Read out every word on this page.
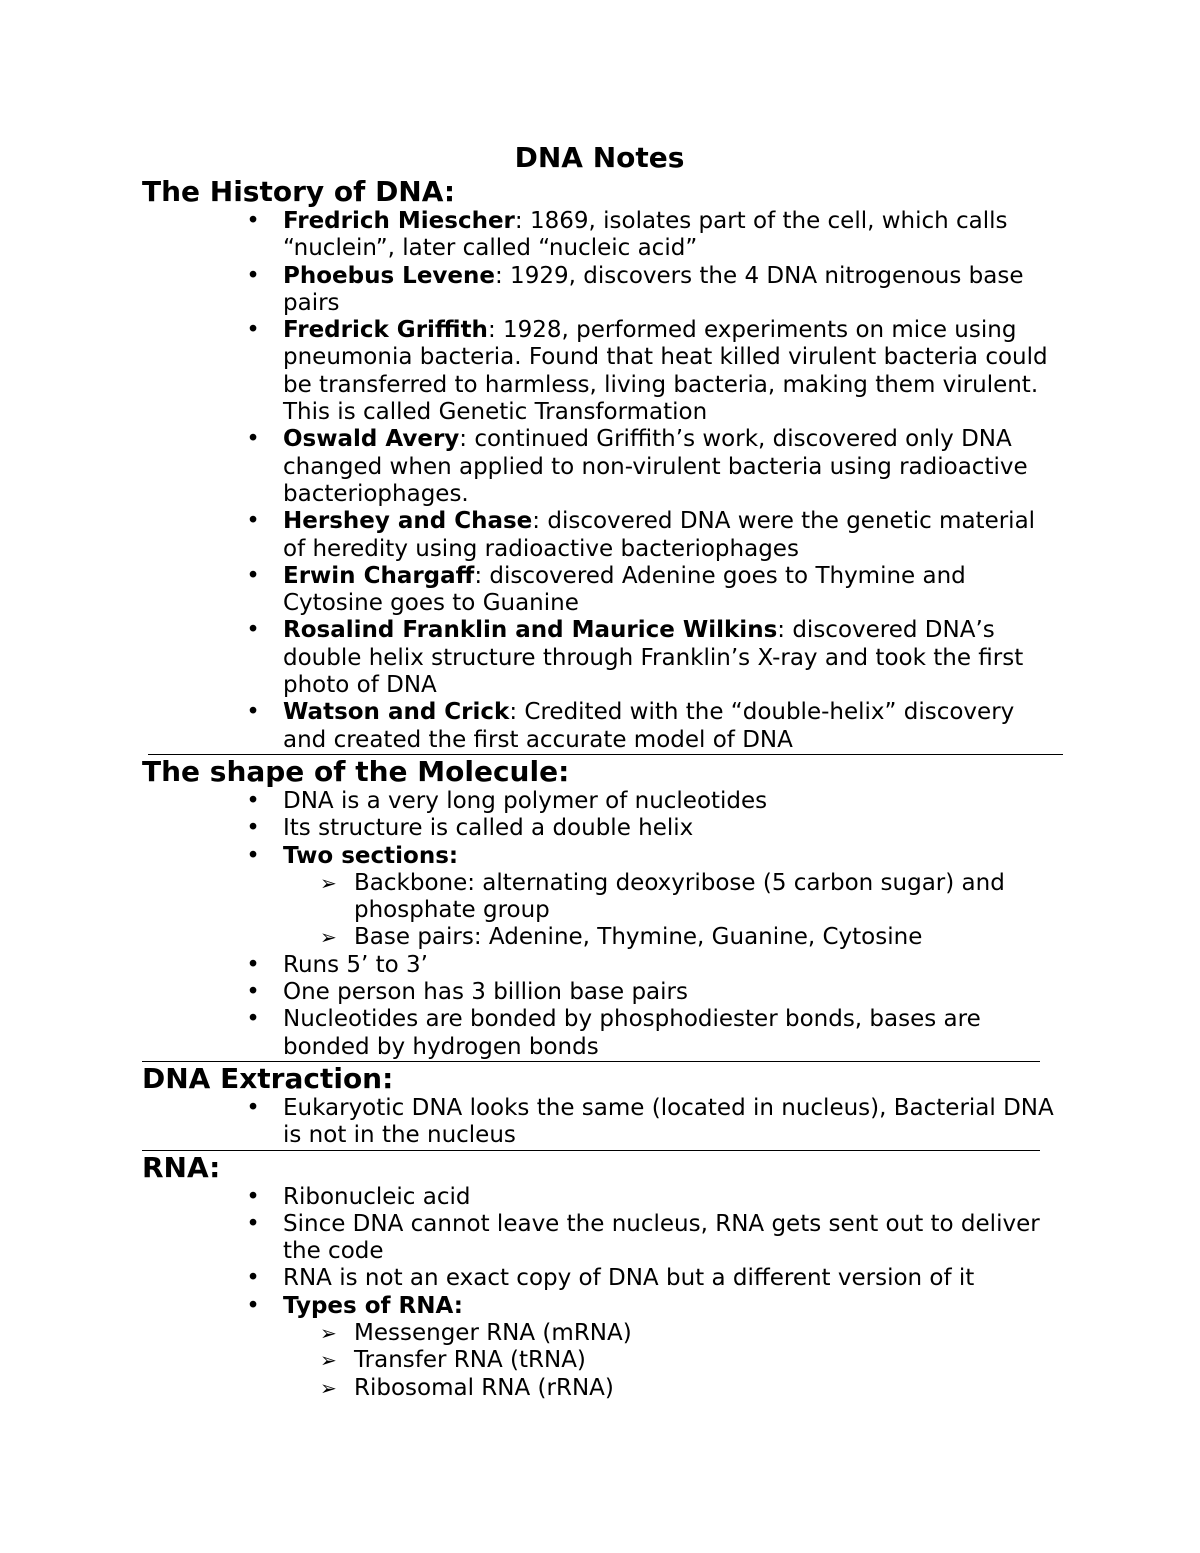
DNA Notes
The History of DNA:
• Fredrich Miescher: 1869, isolates part of the cell, which calls “nuclein”, later called “nucleic acid”
• Phoebus Levene: 1929, discovers the 4 DNA nitrogenous base pairs
• Fredrick Griffith: 1928, performed experiments on mice using pneumonia bacteria. Found that heat killed virulent bacteria could be transferred to harmless, living bacteria, making them virulent. This is called Genetic Transformation
• Oswald Avery: continued Griffith’s work, discovered only DNA changed when applied to non-virulent bacteria using radioactive bacteriophages.
• Hershey and Chase: discovered DNA were the genetic material of heredity using radioactive bacteriophages
• Erwin Chargaff: discovered Adenine goes to Thymine and Cytosine goes to Guanine
• Rosalind Franklin and Maurice Wilkins: discovered DNA’s double helix structure through Franklin’s X-ray and took the first photo of DNA
• Watson and Crick: Credited with the “double-helix” discovery and created the first accurate model of DNA
The shape of the Molecule:
• DNA is a very long polymer of nucleotides
• Its structure is called a double helix
• Two sections:
➢ Backbone: alternating deoxyribose (5 carbon sugar) and phosphate group
➢ Base pairs: Adenine, Thymine, Guanine, Cytosine
• Runs 5’ to 3’
• One person has 3 billion base pairs
• Nucleotides are bonded by phosphodiester bonds, bases are bonded by hydrogen bonds
DNA Extraction:
• Eukaryotic DNA looks the same (located in nucleus), Bacterial DNA is not in the nucleus
RNA:
• Ribonucleic acid
• Since DNA cannot leave the nucleus, RNA gets sent out to deliver the code
• RNA is not an exact copy of DNA but a different version of it
• Types of RNA:
➢ Messenger RNA (mRNA)
➢ Transfer RNA (tRNA)
➢ Ribosomal RNA (rRNA)
